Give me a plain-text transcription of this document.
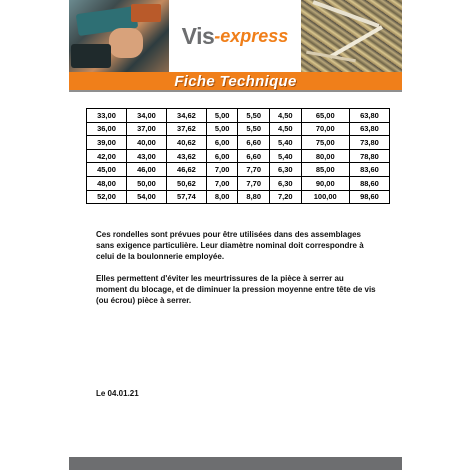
Vis -express
Fiche Technique
33,00	34,00	34,62	5,00	5,50	4,50	65,00	63,80
36,00	37,00	37,62	5,00	5,50	4,50	70,00	63,80
39,00	40,00	40,62	6,00	6,60	5,40	75,00	73,80
42,00	43,00	43,62	6,00	6,60	5,40	80,00	78,80
45,00	46,00	46,62	7,00	7,70	6,30	85,00	83,60
48,00	50,00	50,62	7,00	7,70	6,30	90,00	88,60
52,00	54,00	57,74	8,00	8,80	7,20	100,00	98,60

Ces rondelles sont prévues pour être utilisées dans des assemblages sans exigence particulière. Leur diamètre nominal doit correspondre à celui de la boulonnerie employée.

Elles permettent d'éviter les meurtrissures de la pièce à serrer au moment du blocage, et de diminuer la pression moyenne entre tête de vis (ou écrou) pièce à serrer.

Le 04.01.21
